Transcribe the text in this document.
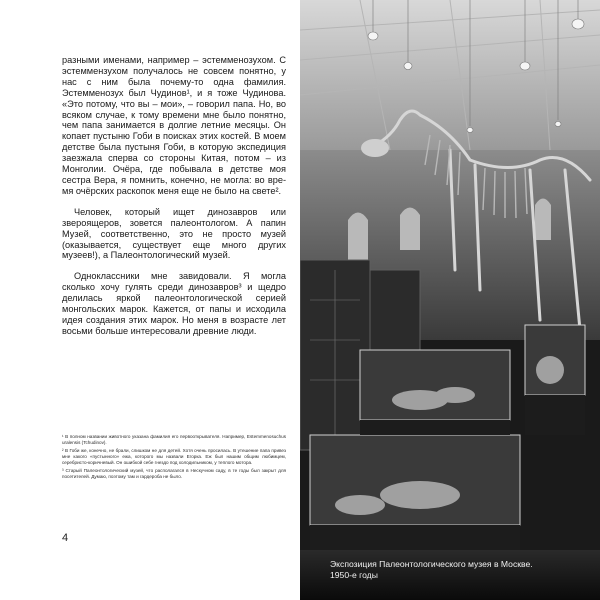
разными именами, например – эстемменозухом. С эстеммензухом получалось не совсем понятно, у нас с ним была почему-то одна фамилия. Эстемменозух был Чудинов¹, и я тоже Чудинова. «Это потому, что вы – мои», – говорил папа. Но, во всяком случае, к тому времени мне было понятно, чем папа занимается в долгие летние месяцы. Он копает пустыню Гоби в поисках этих костей. В моем детстве была пустыня Гоби, в которую экспедиция заезжала сперва со стороны Китая, потом – из Монголии. Очёра, где побывала в детстве моя сестра Вера, я помнить, конечно, не могла: во время очёрских раскопок меня еще не было на свете².

Человек, который ищет динозавров или звероящеров, зовется палеонтологом. А папин Музей, соответственно, это не просто музей (оказывается, существует еще много других музеев!), а Палеонтологический музей.

Одноклассники мне завидовали. Я могла сколько хочу гулять среди динозавров³ и щедро делилась яркой палеонтологической серией монгольских марок. Кажется, от папы и исходила идея создания этих марок. Но меня в возрасте лет восьми больше интересовали древние люди.

¹ В полном названии животного указана фамилия его первооткрывателя. Например, Estemmenosuchus uralensis (Tchudinov).

² В Гоби же, конечно, не брали, слишком не для детей. Хотя очень просилась. В утешение папа привез мне какого «пустынного» ежа, которого мы назвали Егорка. Еж был нашим общим любимцем, серебристо-коричневый. Он ошибкой себе гнездо под холодильником, у теплого мотора.

³ Старый Палеонтологический музей, что располагался в Нескучном саду, в те годы был закрыт для посетителей. Думаю, поэтому там и гардероба не было.

4
Экспозиция Палеонтологического музея в Москве.
1950-е годы
